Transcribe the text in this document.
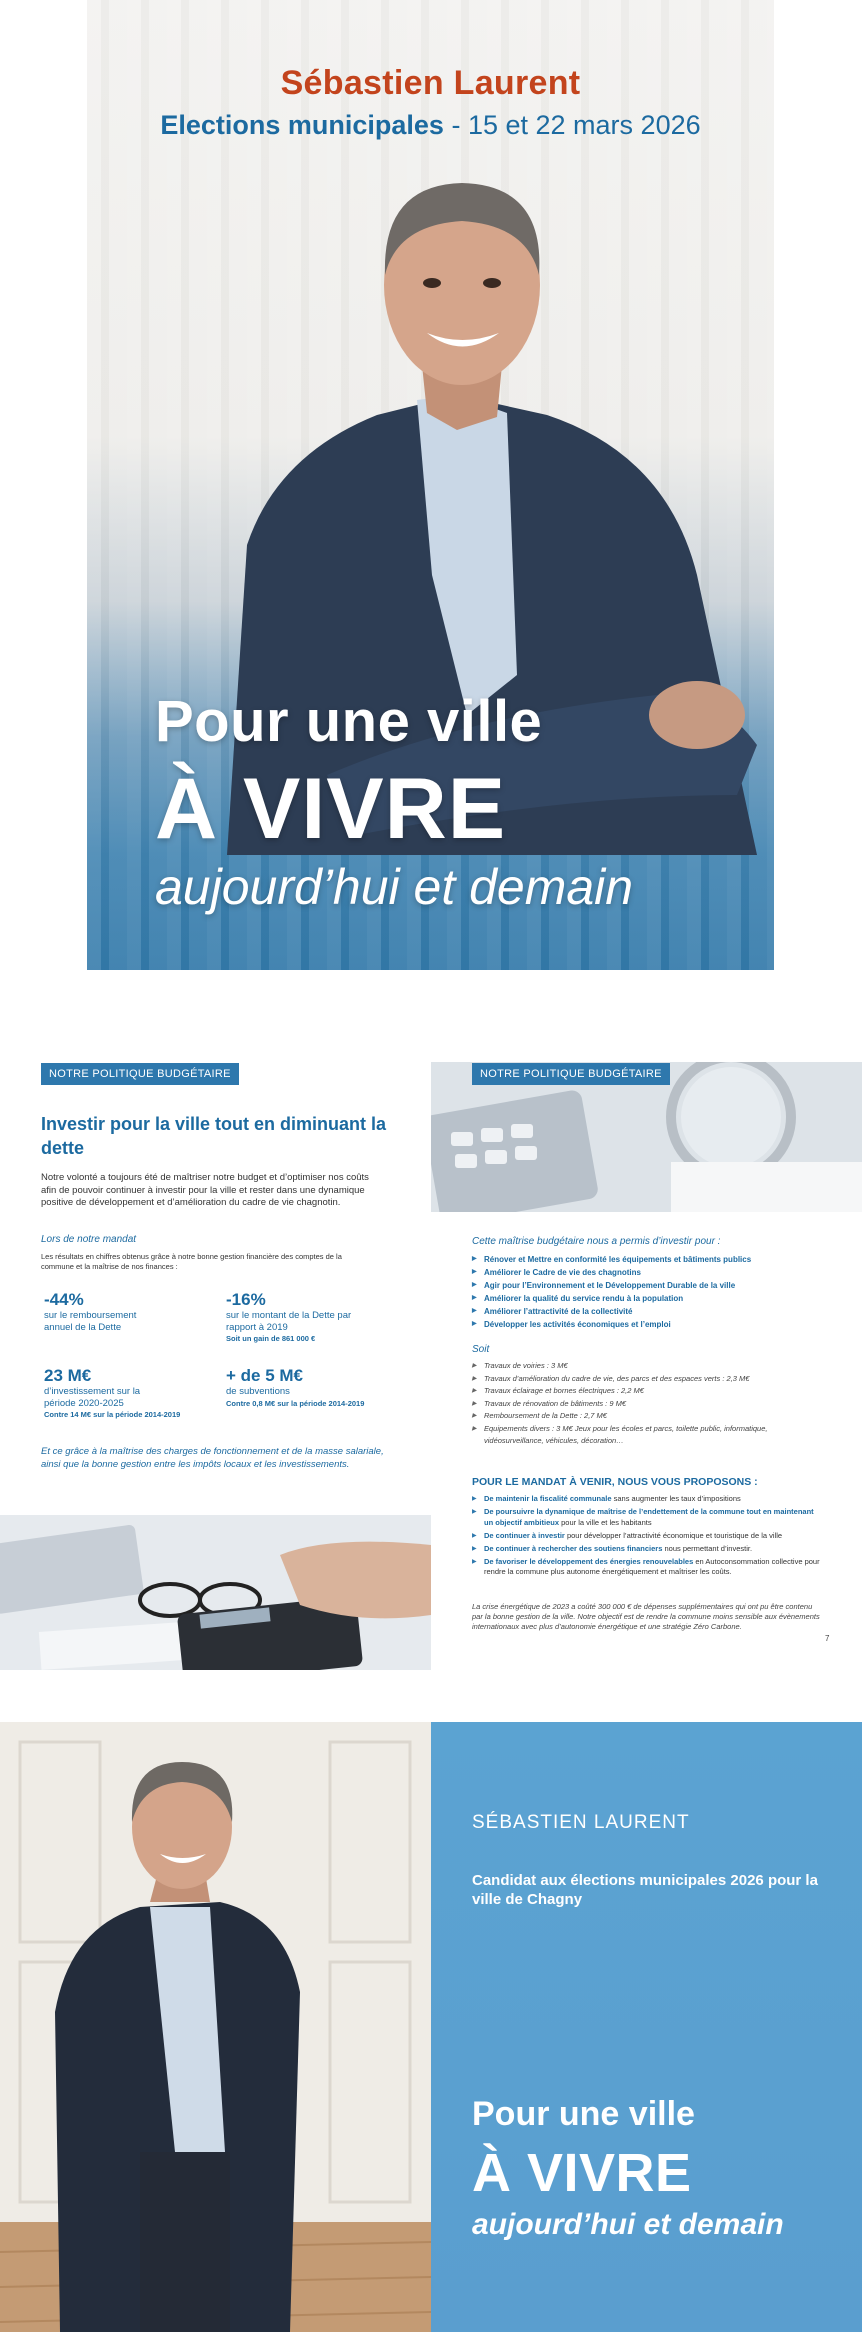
Sébastien Laurent
Elections municipales - 15 et 22 mars 2026
Pour une ville
À VIVRE
aujourd’hui et demain
NOTRE POLITIQUE BUDGÉTAIRE
Investir pour la ville tout en diminuant la dette
Notre volonté a toujours été de maîtriser notre budget et d’optimiser nos coûts afin de pouvoir continuer à investir pour la ville et rester dans une dynamique positive de développement et d’amélioration du cadre de vie chagnotin.
Lors de notre mandat
Les résultats en chiffres obtenus grâce à notre bonne gestion financière des comptes de la commune et la maîtrise de nos finances :
-44%
sur le remboursement annuel de la Dette
-16%
sur le montant de la Dette par rapport à 2019
Soit un gain de 861 000 €
23 M€
d’investissement sur la période 2020-2025
Contre 14 M€ sur la période 2014-2019
+ de 5 M€
de subventions
Contre 0,8 M€ sur la période 2014-2019
Et ce grâce à la maîtrise des charges de fonctionnement et de la masse salariale, ainsi que la bonne gestion entre les impôts locaux et les investissements.
NOTRE POLITIQUE BUDGÉTAIRE
Cette maîtrise budgétaire nous a permis d’investir pour :
▶ Rénover et Mettre en conformité les équipements et bâtiments publics
▶ Améliorer le Cadre de vie des chagnotins
▶ Agir pour l’Environnement et le Développement Durable de la ville
▶ Améliorer la qualité du service rendu à la population
▶ Améliorer l’attractivité de la collectivité
▶ Développer les activités économiques et l’emploi
Soit
▶ Travaux de voiries : 3 M€
▶ Travaux d’amélioration du cadre de vie, des parcs et des espaces verts : 2,3 M€
▶ Travaux éclairage et bornes électriques : 2,2 M€
▶ Travaux de rénovation de bâtiments : 9 M€
▶ Remboursement de la Dette : 2,7 M€
▶ Equipements divers : 3 M€ Jeux pour les écoles et parcs, toilette public, informatique, vidéosurveillance, véhicules, décoration…
POUR LE MANDAT À VENIR, NOUS VOUS PROPOSONS :
▶ De maintenir la fiscalité communale sans augmenter les taux d’impositions
▶ De poursuivre la dynamique de maîtrise de l’endettement de la commune tout en maintenant un objectif ambitieux pour la ville et les habitants
▶ De continuer à investir pour développer l’attractivité économique et touristique de la ville
▶ De continuer à rechercher des soutiens financiers nous permettant d’investir.
▶ De favoriser le développement des énergies renouvelables en Autoconsommation collective pour rendre la commune plus autonome énergétiquement et maîtriser les coûts.
La crise énergétique de 2023 a coûté 300 000 € de dépenses supplémentaires qui ont pu être contenu par la bonne gestion de la ville. Notre objectif est de rendre la commune moins sensible aux évènements internationaux avec plus d’autonomie énergétique et une stratégie Zéro Carbone.
7
SÉBASTIEN LAURENT
Candidat aux élections municipales 2026 pour la ville de Chagny
Pour une ville
À VIVRE
aujourd’hui et demain
